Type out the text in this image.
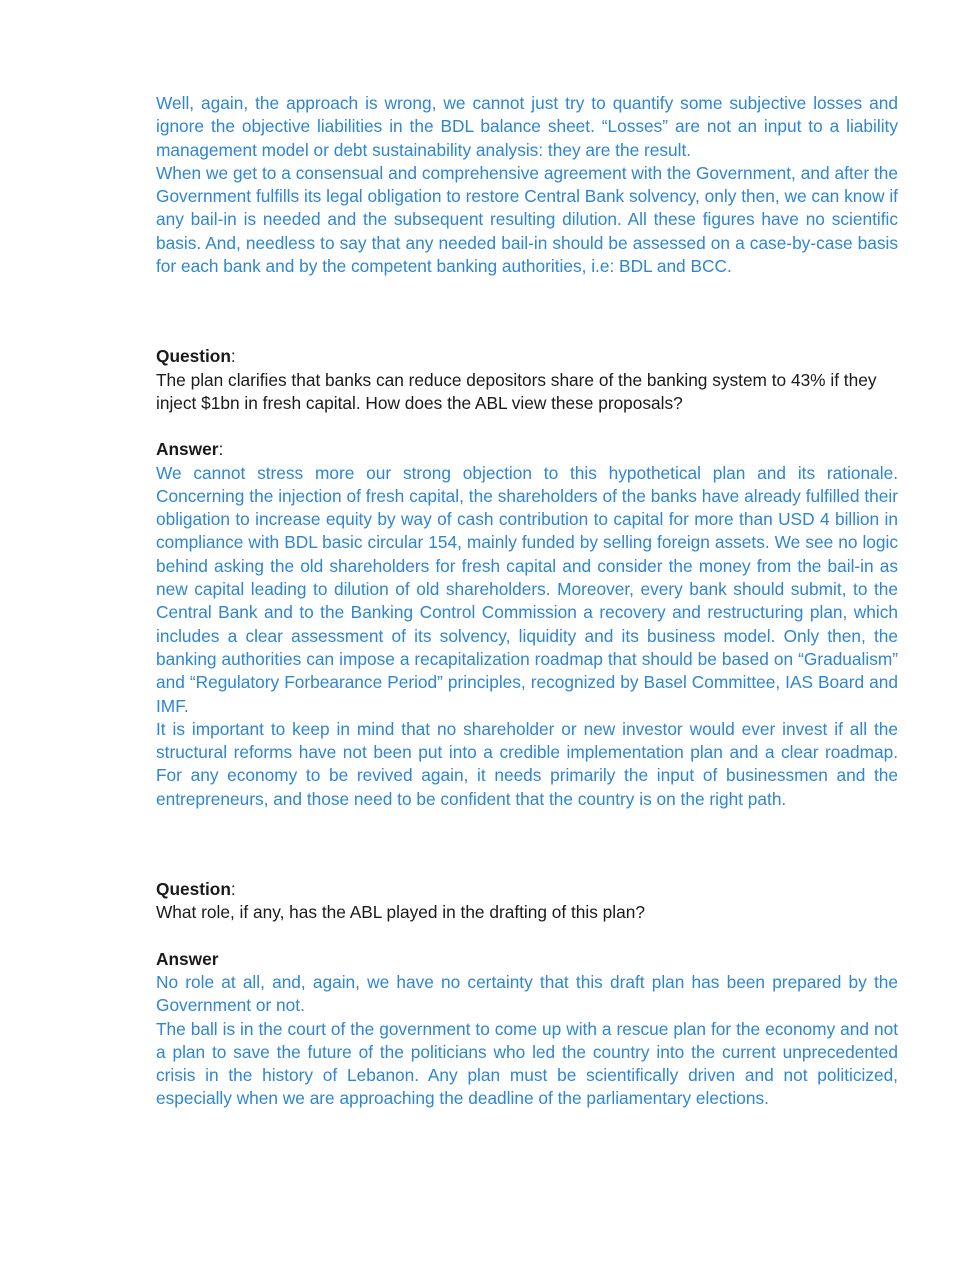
Well, again, the approach is wrong, we cannot just try to quantify some subjective losses and ignore the objective liabilities in the BDL balance sheet. “Losses” are not an input to a liability management model or debt sustainability analysis: they are the result.

When we get to a consensual and comprehensive agreement with the Government, and after the Government fulfills its legal obligation to restore Central Bank solvency, only then, we can know if any bail-in is needed and the subsequent resulting dilution. All these figures have no scientific basis. And, needless to say that any needed bail-in should be assessed on a case-by-case basis for each bank and by the competent banking authorities, i.e: BDL and BCC.

Question:

The plan clarifies that banks can reduce depositors share of the banking system to 43% if they inject $1bn in fresh capital. How does the ABL view these proposals?

Answer:

We cannot stress more our strong objection to this hypothetical plan and its rationale. Concerning the injection of fresh capital, the shareholders of the banks have already fulfilled their obligation to increase equity by way of cash contribution to capital for more than USD 4 billion in compliance with BDL basic circular 154, mainly funded by selling foreign assets. We see no logic behind asking the old shareholders for fresh capital and consider the money from the bail-in as new capital leading to dilution of old shareholders. Moreover, every bank should submit, to the Central Bank and to the Banking Control Commission a recovery and restructuring plan, which includes a clear assessment of its solvency, liquidity and its business model. Only then, the banking authorities can impose a recapitalization roadmap that should be based on “Gradualism” and “Regulatory Forbearance Period” principles, recognized by Basel Committee, IAS Board and IMF.

It is important to keep in mind that no shareholder or new investor would ever invest if all the structural reforms have not been put into a credible implementation plan and a clear roadmap. For any economy to be revived again, it needs primarily the input of businessmen and the entrepreneurs, and those need to be confident that the country is on the right path.

Question:

What role, if any, has the ABL played in the drafting of this plan?

Answer

No role at all, and, again, we have no certainty that this draft plan has been prepared by the Government or not.

The ball is in the court of the government to come up with a rescue plan for the economy and not a plan to save the future of the politicians who led the country into the current unprecedented crisis in the history of Lebanon. Any plan must be scientifically driven and not politicized, especially when we are approaching the deadline of the parliamentary elections.
